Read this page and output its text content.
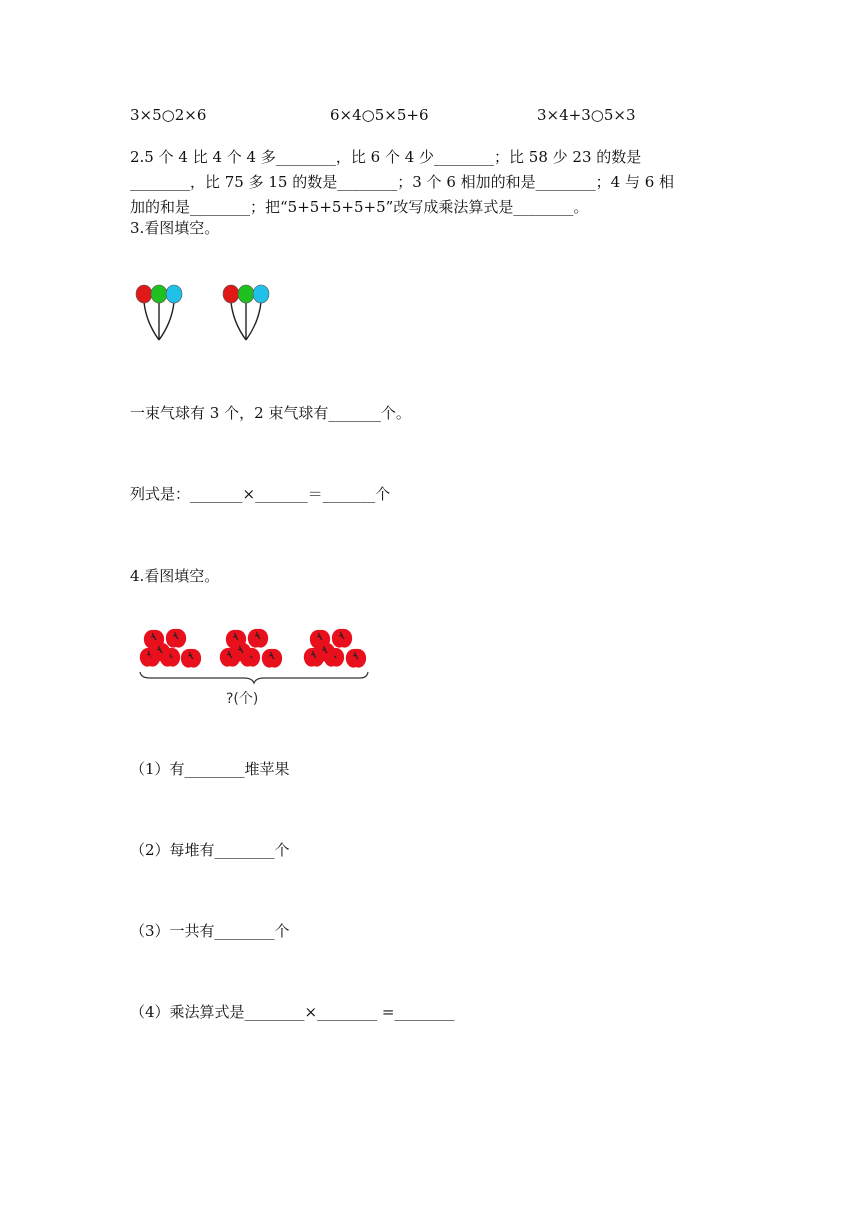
3×5○2×6	6×4○5×5+6	3×4+3○5×3
2.5 个 4 比 4 个 4 多________，比 6 个 4 少________；比 58 少 23 的数是
________，比 75 多 15 的数是________；3 个 6 相加的和是________；4 与 6 相
加的和是________；把“5+5+5+5+5”改写成乘法算式是________。
3.看图填空。
一束气球有 3 个，2 束气球有_______个。
列式是：_______×_______＝_______个
4.看图填空。
?(个)
（1）有________堆苹果
（2）每堆有________个
（3）一共有________个
（4）乘法算式是________×________ =________
